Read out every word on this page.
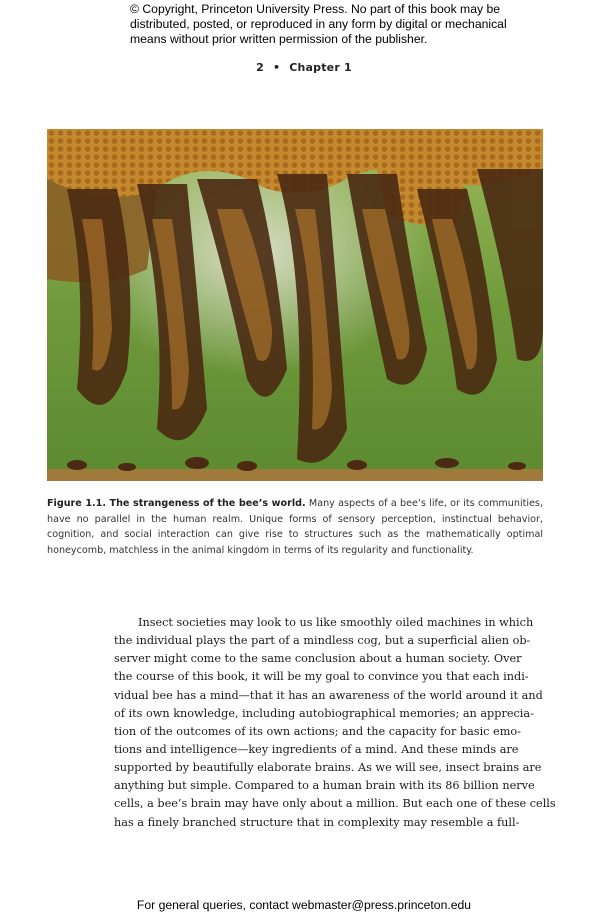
© Copyright, Princeton University Press. No part of this book may be
distributed, posted, or reproduced in any form by digital or mechanical
means without prior written permission of the publisher.
2 • Chapter 1
Figure 1.1. The strangeness of the bee’s world. Many aspects of a bee’s life, or its communities, have no parallel in the human realm. Unique forms of sensory perception, instinctual behavior, cognition, and social interaction can give rise to structures such as the mathematically optimal honeycomb, matchless in the animal kingdom in terms of its regularity and functionality.
Insect societies may look to us like smoothly oiled machines in which
the individual plays the part of a mindless cog, but a superficial alien ob-
server might come to the same conclusion about a human society. Over
the course of this book, it will be my goal to convince you that each indi-
vidual bee has a mind—that it has an awareness of the world around it and
of its own knowledge, including autobiographical memories; an apprecia-
tion of the outcomes of its own actions; and the capacity for basic emo-
tions and intelligence—key ingredients of a mind. And these minds are
supported by beautifully elaborate brains. As we will see, insect brains are
anything but simple. Compared to a human brain with its 86 billion nerve
cells, a bee’s brain may have only about a million. But each one of these cells
has a finely branched structure that in complexity may resemble a full-
For general queries, contact webmaster@press.princeton.edu
